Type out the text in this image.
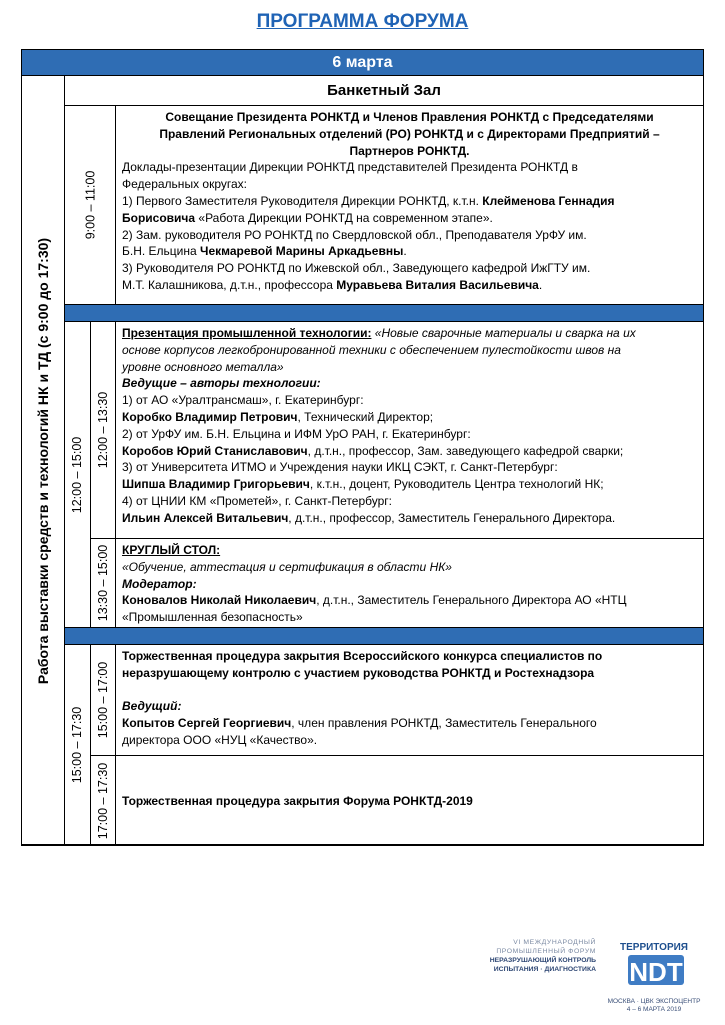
ПРОГРАММА ФОРУМА
6 марта
Работа выставки средств и технологий НК и ТД (с 9:00 до 17:30)
Банкетный Зал
9:00 – 11:00
Совещание Президента РОНКТД и Членов Правления РОНКТД с Председателями
Правлений Региональных отделений (РО) РОНКТД и с Директорами Предприятий –
Партнеров РОНКТД.
Доклады-презентации Дирекции РОНКТД представителей Президента РОНКТД в
Федеральных округах:
1) Первого Заместителя Руководителя Дирекции РОНКТД, к.т.н. Клейменова Геннадия
Борисовича «Работа Дирекции РОНКТД на современном этапе».
2) Зам. руководителя РО РОНКТД по Свердловской обл., Преподавателя УрФУ им.
Б.Н. Ельцина Чекмаревой Марины Аркадьевны.
3) Руководителя РО РОНКТД по Ижевской обл., Заведующего кафедрой ИжГТУ им.
М.Т. Калашникова, д.т.н., профессора Муравьева Виталия Васильевича.
12:00 – 15:00
12:00 – 13:30
Презентация промышленной технологии: «Новые сварочные материалы и сварка на их
основе корпусов легкобронированной техники с обеспечением пулестойкости швов на
уровне основного металла»
Ведущие – авторы технологии:
1) от АО «Уралтрансмаш», г. Екатеринбург:
Коробко Владимир Петрович, Технический Директор;
2) от УрФУ им. Б.Н. Ельцина и ИФМ УрО РАН, г. Екатеринбург:
Коробов Юрий Станиславович, д.т.н., профессор, Зам. заведующего кафедрой сварки;
3) от Университета ИТМО и Учреждения науки ИКЦ СЭКТ, г. Санкт-Петербург:
Шипша Владимир Григорьевич, к.т.н., доцент, Руководитель Центра технологий НК;
4) от ЦНИИ КМ «Прометей», г. Санкт-Петербург:
Ильин Алексей Витальевич, д.т.н., профессор, Заместитель Генерального Директора.
13:30 – 15:00 КРУГЛЫЙ СТОЛ:
«Обучение, аттестация и сертификация в области НК»
Модератор:
Коновалов Николай Николаевич, д.т.н., Заместитель Генерального Директора АО «НТЦ
«Промышленная безопасность»
15:00 – 17:30
15:00 – 17:00
Торжественная процедура закрытия Всероссийского конкурса специалистов по
неразрушающему контролю с участием руководства РОНКТД и Ростехнадзора

Ведущий:
Копытов Сергей Георгиевич, член правления РОНКТД, Заместитель Генерального
директора ООО «НУЦ «Качество».
17:00 – 17:30 Торжественная процедура закрытия Форума РОНКТД-2019
VI МЕЖДУНАРОДНЫЙ
ПРОМЫШЛЕННЫЙ ФОРУМ
НЕРАЗРУШАЮЩИЙ КОНТРОЛЬ
ИСПЫТАНИЯ · ДИАГНОСТИКА
ТЕРРИТОРИЯ
NDT
МОСКВА · ЦВК ЭКСПОЦЕНТР
4 – 6 МАРТА 2019
